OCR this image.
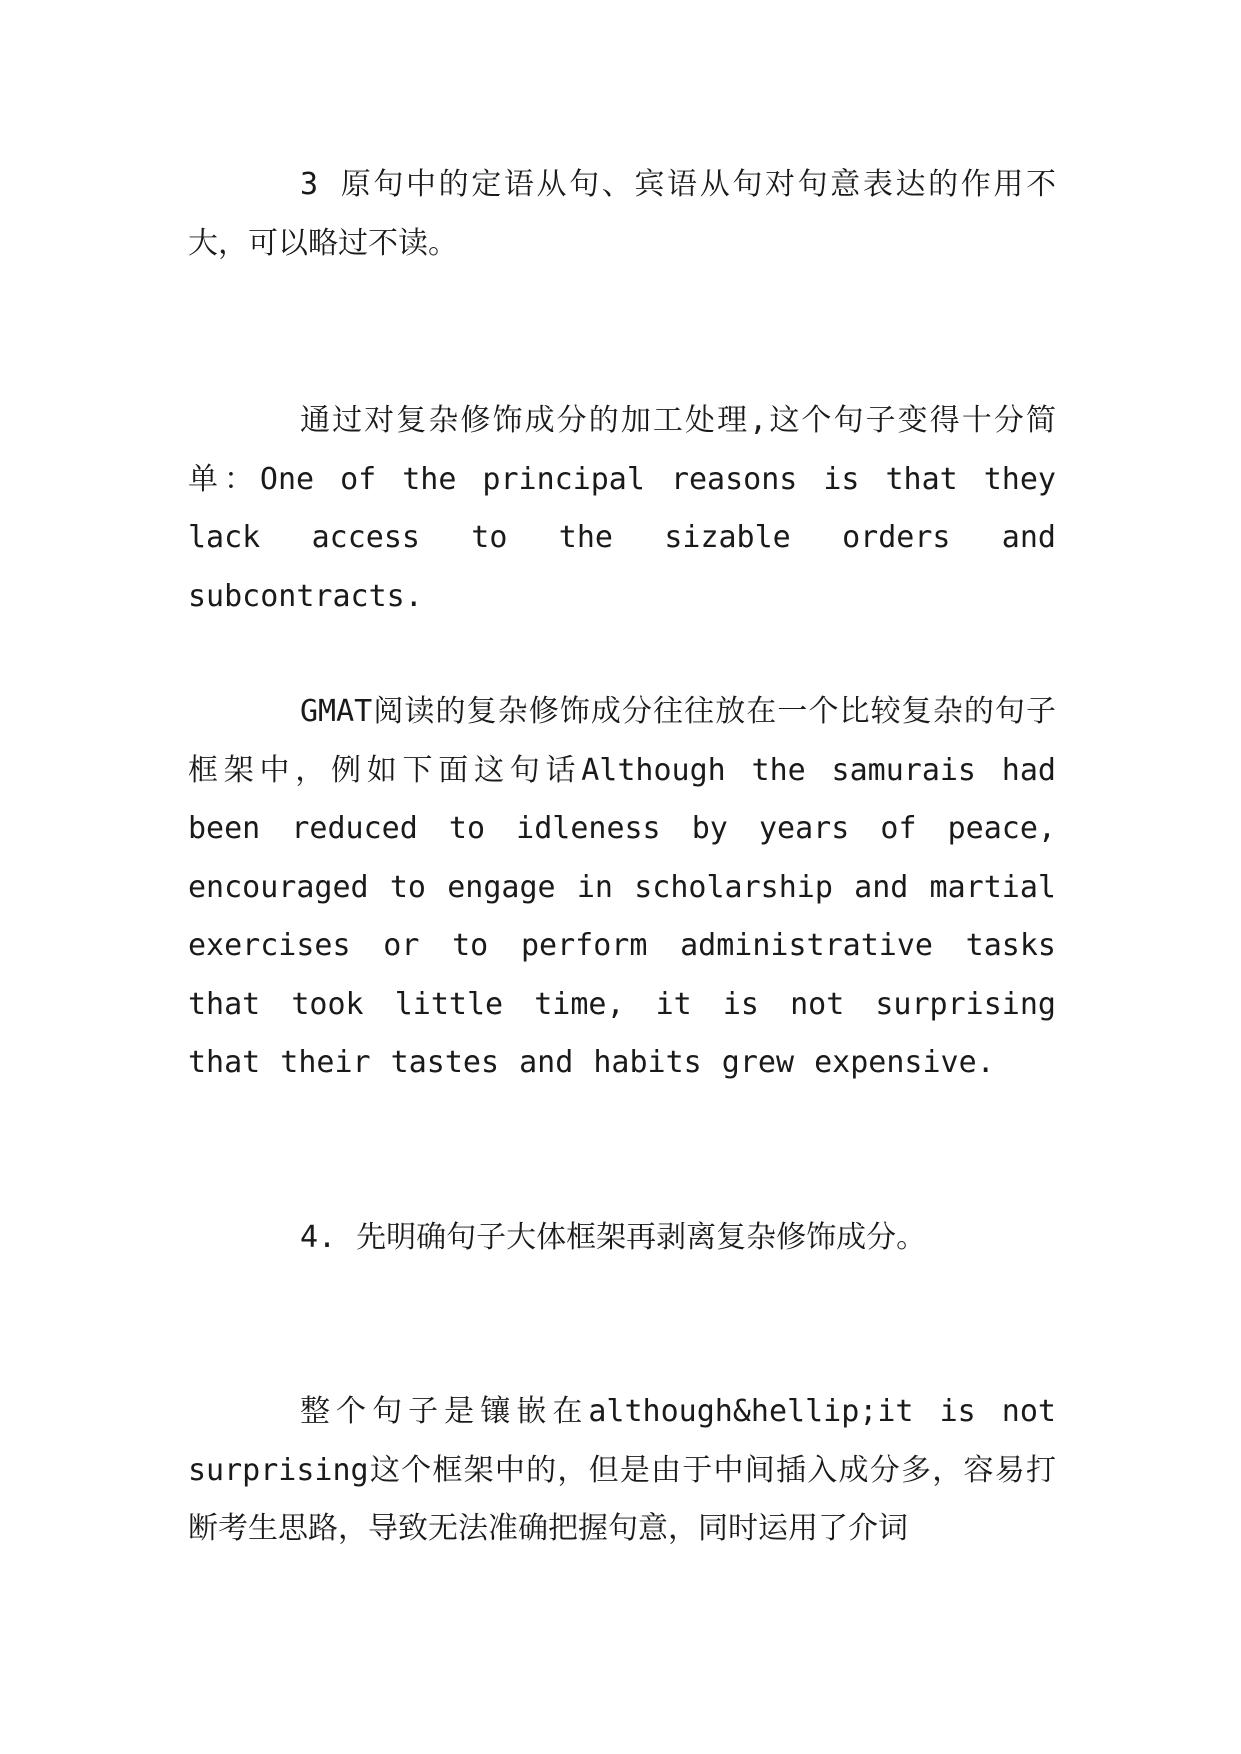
3 原句中的定语从句、宾语从句对句意表达的作用不大，可以略过不读。

通过对复杂修饰成分的加工处理,这个句子变得十分简单：One of the principal reasons is that they lack access to the sizable orders and subcontracts.

GMAT阅读的复杂修饰成分往往放在一个比较复杂的句子框架中，例如下面这句话Although the samurais had been reduced to idleness by years of peace, encouraged to engage in scholarship and martial exercises or to perform administrative tasks that took little time, it is not surprising that their tastes and habits grew expensive.

4. 先明确句子大体框架再剥离复杂修饰成分。

整个句子是镶嵌在although&hellip;it is not surprising这个框架中的，但是由于中间插入成分多，容易打断考生思路，导致无法准确把握句意，同时运用了介词
